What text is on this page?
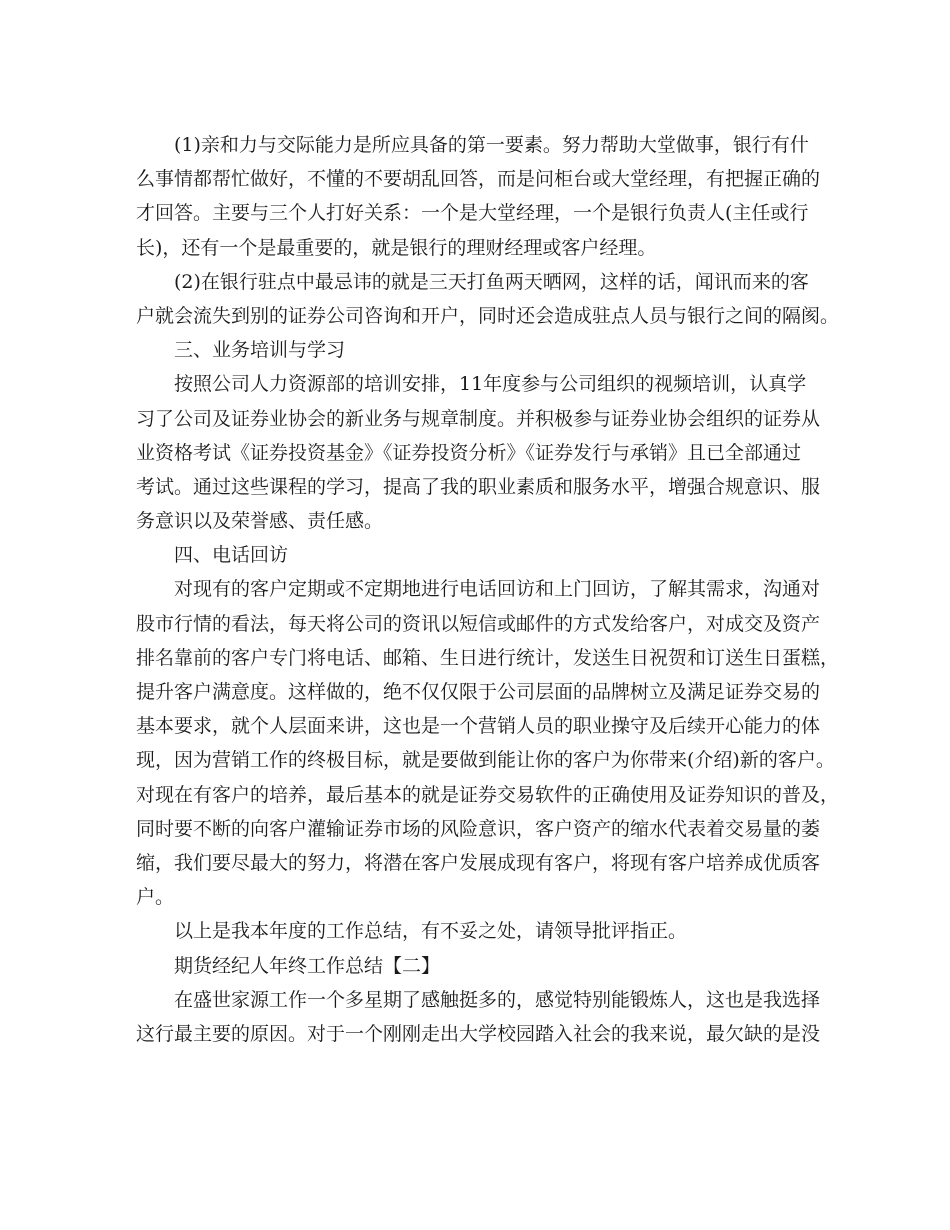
(1)亲和力与交际能力是所应具备的第一要素。努力帮助大堂做事，银行有什
么事情都帮忙做好，不懂的不要胡乱回答，而是问柜台或大堂经理，有把握正确的
才回答。主要与三个人打好关系：一个是大堂经理，一个是银行负责人(主任或行
长)，还有一个是最重要的，就是银行的理财经理或客户经理。
(2)在银行驻点中最忌讳的就是三天打鱼两天晒网，这样的话，闻讯而来的客
户就会流失到别的证券公司咨询和开户，同时还会造成驻点人员与银行之间的隔阂。
三、业务培训与学习
按照公司人力资源部的培训安排，11年度参与公司组织的视频培训，认真学
习了公司及证券业协会的新业务与规章制度。并积极参与证券业协会组织的证券从
业资格考试《证券投资基金》《证券投资分析》《证券发行与承销》且已全部通过
考试。通过这些课程的学习，提高了我的职业素质和服务水平，增强合规意识、服
务意识以及荣誉感、责任感。
四、电话回访
对现有的客户定期或不定期地进行电话回访和上门回访，了解其需求，沟通对
股市行情的看法，每天将公司的资讯以短信或邮件的方式发给客户，对成交及资产
排名靠前的客户专门将电话、邮箱、生日进行统计，发送生日祝贺和订送生日蛋糕，
提升客户满意度。这样做的，绝不仅仅限于公司层面的品牌树立及满足证券交易的
基本要求，就个人层面来讲，这也是一个营销人员的职业操守及后续开心能力的体
现，因为营销工作的终极目标，就是要做到能让你的客户为你带来(介绍)新的客户。
对现在有客户的培养，最后基本的就是证券交易软件的正确使用及证券知识的普及，
同时要不断的向客户灌输证券市场的风险意识，客户资产的缩水代表着交易量的萎
缩，我们要尽最大的努力，将潜在客户发展成现有客户，将现有客户培养成优质客
户。
以上是我本年度的工作总结，有不妥之处，请领导批评指正。
期货经纪人年终工作总结【二】
在盛世家源工作一个多星期了感触挺多的，感觉特别能锻炼人，这也是我选择
这行最主要的原因。对于一个刚刚走出大学校园踏入社会的我来说，最欠缺的是没
